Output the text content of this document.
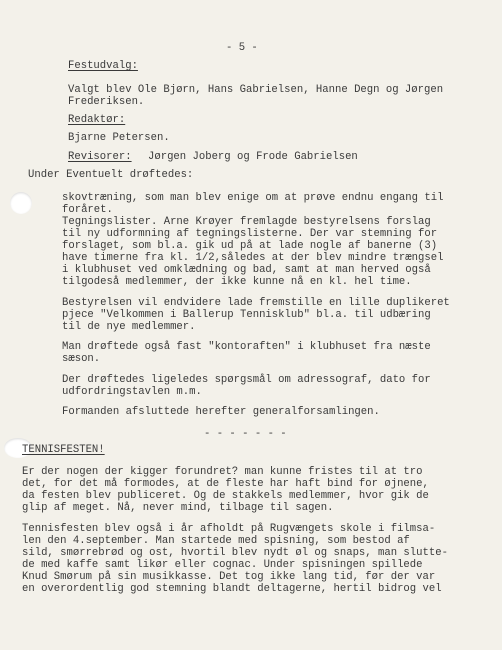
- 5 -
Festudvalg:
Valgt blev Ole Bjørn, Hans Gabrielsen, Hanne Degn og Jørgen
Frederiksen.
Redaktør:
Bjarne Petersen.
Revisorer: Jørgen Joberg og Frode Gabrielsen
Under Eventuelt drøftedes:
skovtræning, som man blev enige om at prøve endnu engang til
foråret.
Tegningslister. Arne Krøyer fremlagde bestyrelsens forslag
til ny udformning af tegningslisterne. Der var stemning for
forslaget, som bl.a. gik ud på at lade nogle af banerne (3)
have timerne fra kl. 1/2,således at der blev mindre trængsel
i klubhuset ved omklædning og bad, samt at man herved også
tilgodeså medlemmer, der ikke kunne nå en kl. hel time.
Bestyrelsen vil endvidere lade fremstille en lille duplikeret
pjece "Velkommen i Ballerup Tennisklub" bl.a. til udbæring
til de nye medlemmer.
Man drøftede også fast "kontoraften" i klubhuset fra næste
sæson.
Der drøftedes ligeledes spørgsmål om adressograf, dato for
udfordringstavlen m.m.
Formanden afsluttede herefter generalforsamlingen.
- - - - - - -
TENNISFESTEN!
Er der nogen der kigger forundret? man kunne fristes til at tro
det, for det må formodes, at de fleste har haft bind for øjnene,
da festen blev publiceret. Og de stakkels medlemmer, hvor gik de
glip af meget. Nå, never mind, tilbage til sagen.
Tennisfesten blev også i år afholdt på Rugvængets skole i filmsa-
len den 4.september. Man startede med spisning, som bestod af
sild, smørrebrød og ost, hvortil blev nydt øl og snaps, man slutte-
de med kaffe samt likør eller cognac. Under spisningen spillede
Knud Smørum på sin musikkasse. Det tog ikke lang tid, før der var
en overordentlig god stemning blandt deltagerne, hertil bidrog vel
